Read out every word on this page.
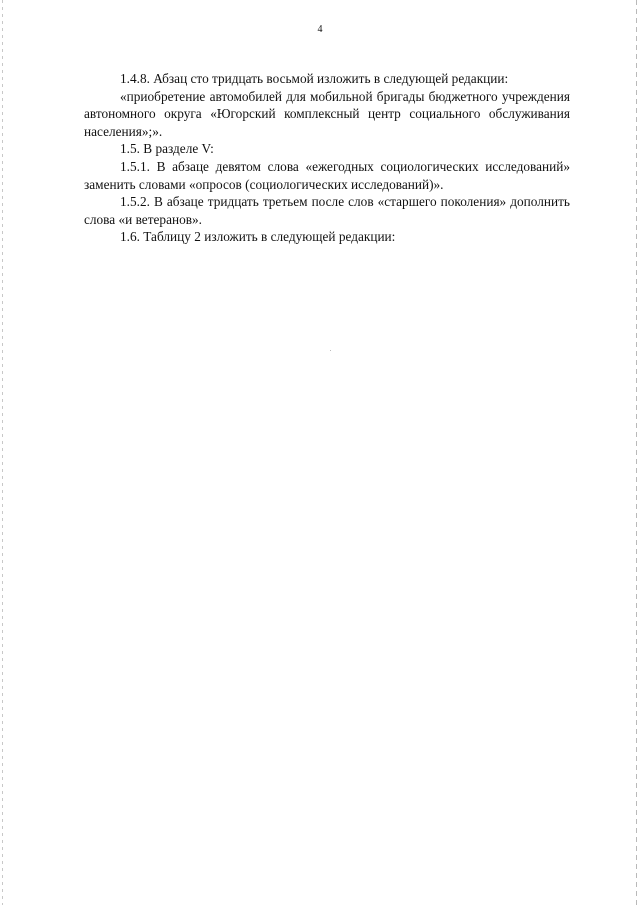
4

1.4.8. Абзац сто тридцать восьмой изложить в следующей редакции:

«приобретение автомобилей для мобильной бригады бюджетного учреждения автономного округа «Югорский комплексный центр социального обслуживания населения»;».

1.5. В разделе V:

1.5.1. В абзаце девятом слова «ежегодных социологических исследований» заменить словами «опросов (социологических исследований)».

1.5.2. В абзаце тридцать третьем после слов «старшего поколения» дополнить слова «и ветеранов».

1.6. Таблицу 2 изложить в следующей редакции:
